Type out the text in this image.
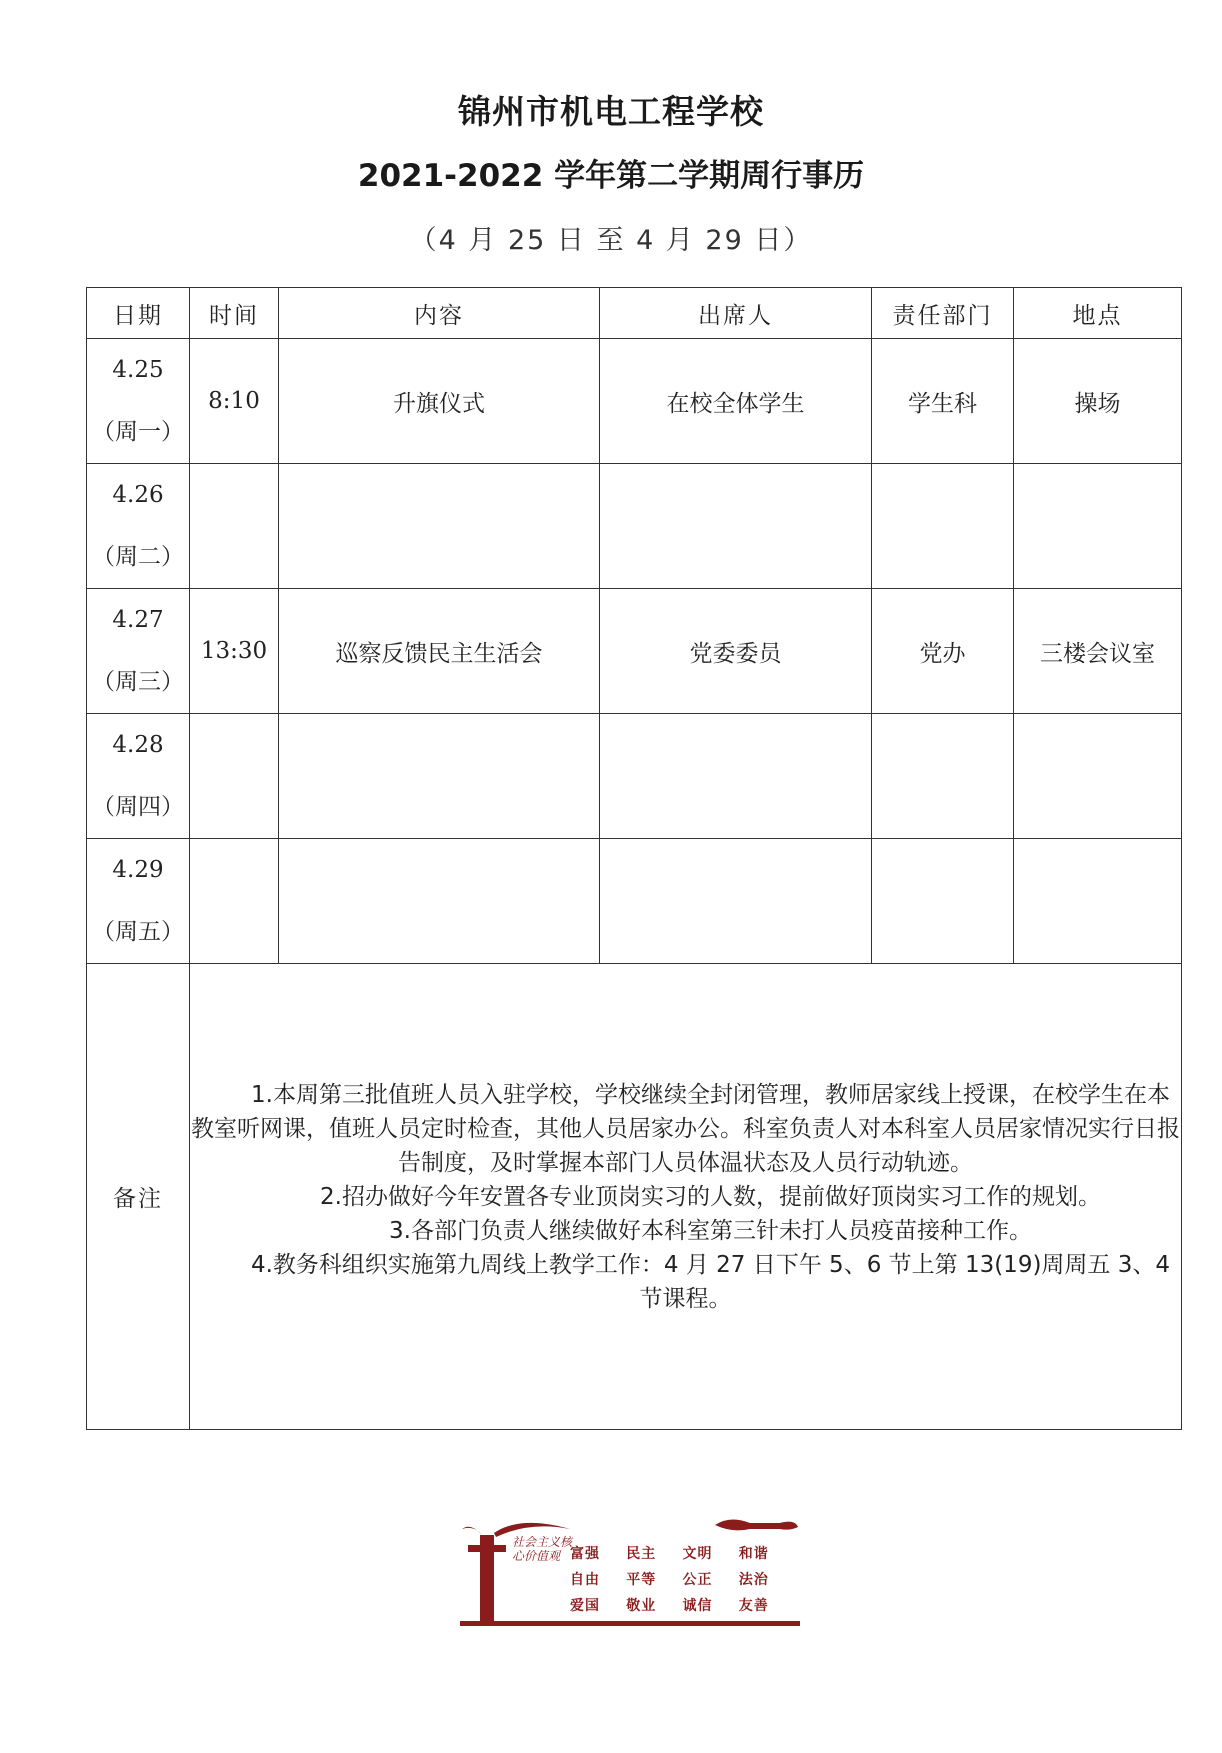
锦州市机电工程学校
2021-2022 学年第二学期周行事历
（4 月 25 日 至 4 月 29 日）
日期	时间	内容	出席人	责任部门	地点

4.25
（周一）	8:10	升旗仪式	在校全体学生	学生科	操场

4.26
（周二）					

4.27
（周三）	13:30	巡察反馈民主生活会	党委委员	党办	三楼会议室

4.28
（周四）					

4.29
（周五）					

备注	1.本周第三批值班人员入驻学校，学校继续全封闭管理，教师居家线上授课，在校学生在本教室听网课，值班人员定时检查，其他人员居家办公。科室负责人对本科室人员居家情况实行日报告制度，及时掌握本部门人员体温状态及人员行动轨迹。

2.招办做好今年安置各专业顶岗实习的人数，提前做好顶岗实习工作的规划。

3.各部门负责人继续做好本科室第三针未打人员疫苗接种工作。

4.教务科组织实施第九周线上教学工作：4 月 27 日下午 5、6 节上第 13(19)周周五 3、4 节课程。				

社会主义核心价值观 富强	民主	文明	和谐
自由	平等	公正	法治
爱国	敬业	诚信	友善
